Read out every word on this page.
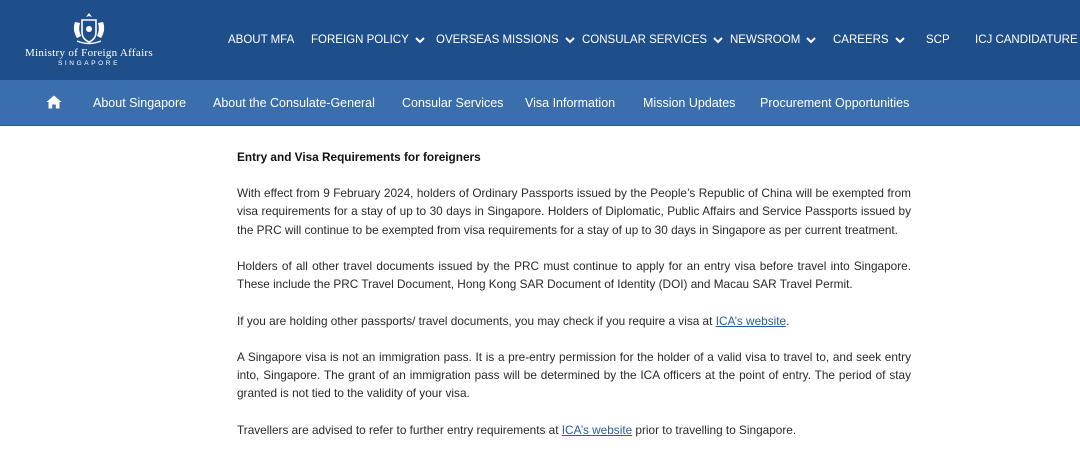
Ministry of Foreign Affairs
SINGAPORE
ABOUT MFA FOREIGN POLICY OVERSEAS MISSIONS CONSULAR SERVICES NEWSROOM	CAREERS	SCP ICJ CANDIDATURE
About Singapore About the Consulate-General Consular Services Visa Information Mission Updates Procurement Opportunities
Entry and Visa Requirements for foreigners

With effect from 9 February 2024, holders of Ordinary Passports issued by the People’s Republic of China will be exempted from visa requirements for a stay of up to 30 days in Singapore. Holders of Diplomatic, Public Affairs and Service Passports issued by the PRC will continue to be exempted from visa requirements for a stay of up to 30 days in Singapore as per current treatment.

Holders of all other travel documents issued by the PRC must continue to apply for an entry visa before travel into Singapore. These include the PRC Travel Document, Hong Kong SAR Document of Identity (DOI) and Macau SAR Travel Permit.

If you are holding other passports/ travel documents, you may check if you require a visa at ICA’s website.

A Singapore visa is not an immigration pass. It is a pre-entry permission for the holder of a valid visa to travel to, and seek entry into, Singapore. The grant of an immigration pass will be determined by the ICA officers at the point of entry. The period of stay granted is not tied to the validity of your visa.

Travellers are advised to refer to further entry requirements at ICA’s website prior to travelling to Singapore.
